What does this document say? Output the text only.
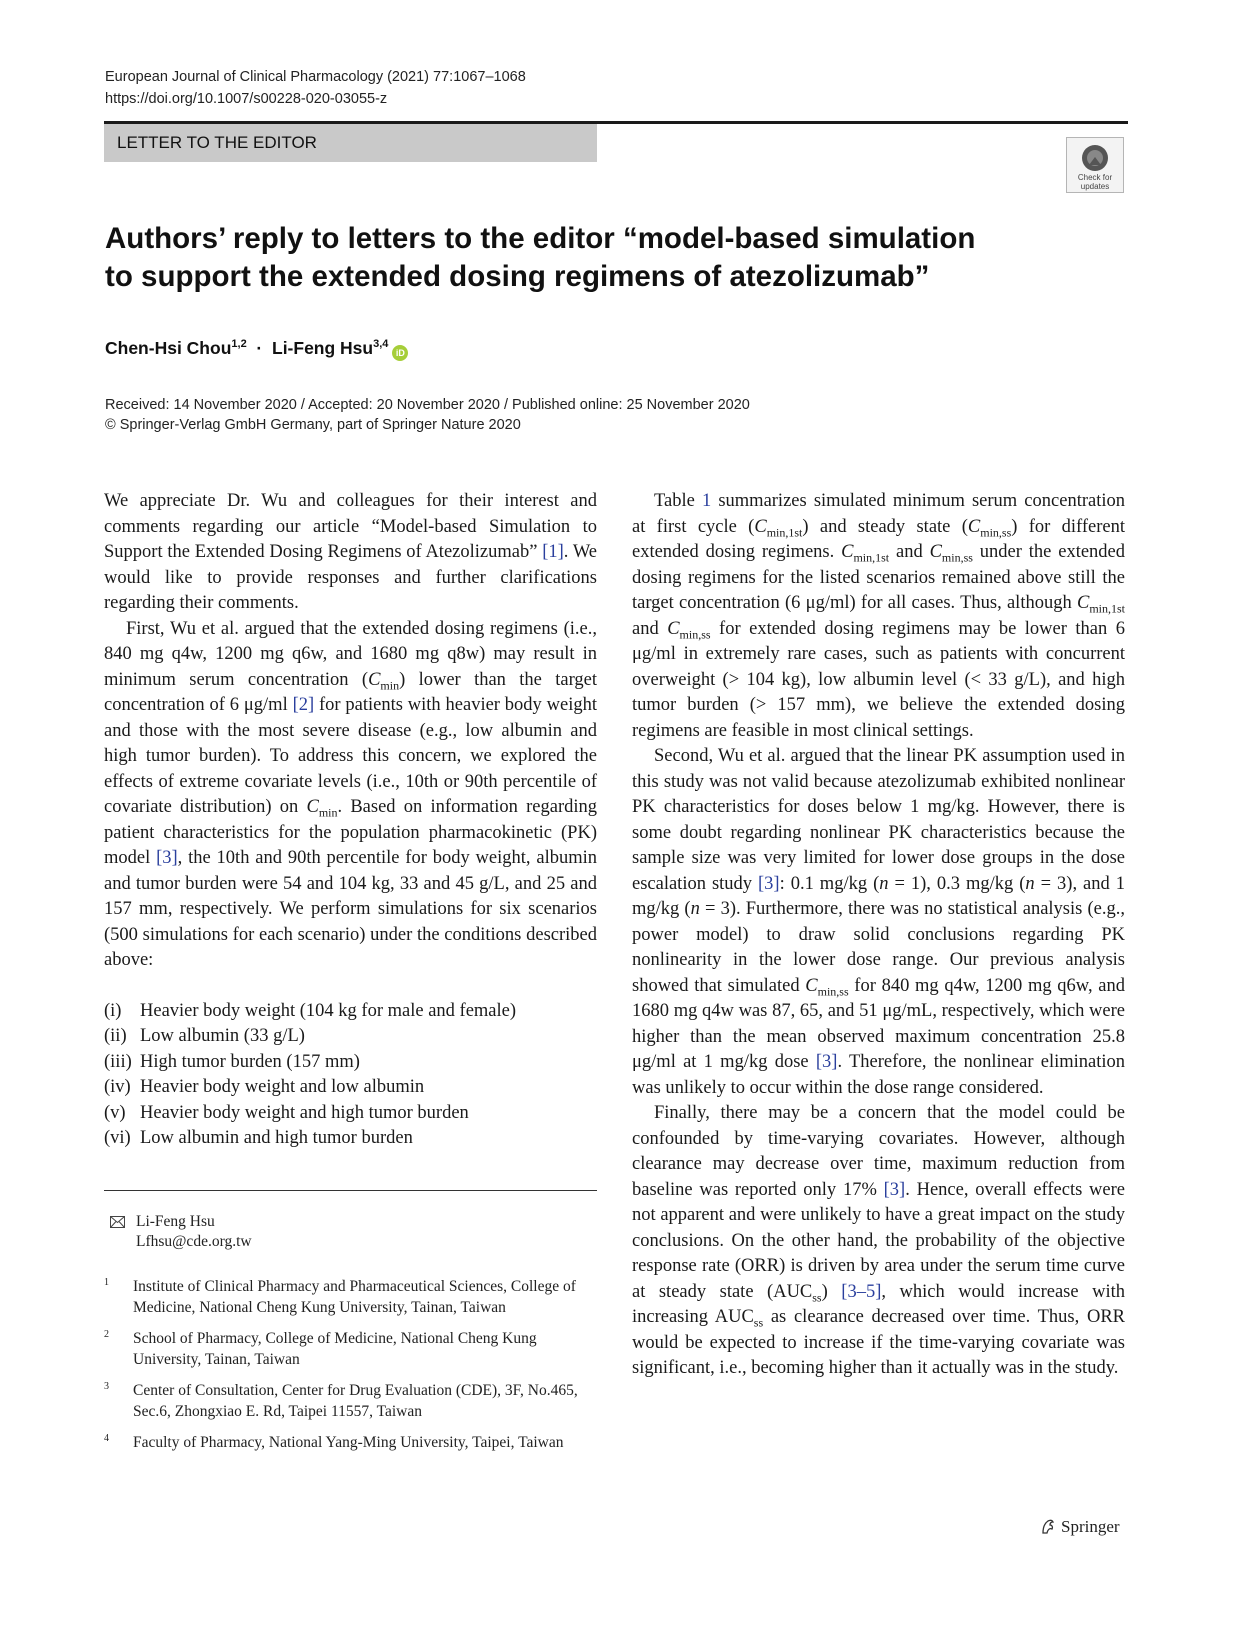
European Journal of Clinical Pharmacology (2021) 77:1067–1068
https://doi.org/10.1007/s00228-020-03055-z
LETTER TO THE EDITOR
Check for
updates
Authors’ reply to letters to the editor “model-based simulation
to support the extended dosing regimens of atezolizumab”
Chen-Hsi Chou$^{1,2}$  ·  Li-Feng Hsu$^{3,4}$iD
Received: 14 November 2020 / Accepted: 20 November 2020 / Published online: 25 November 2020
© Springer-Verlag GmbH Germany, part of Springer Nature 2020

We appreciate Dr. Wu and colleagues for their interest and comments regarding our article “Model-based Simulation to Support the Extended Dosing Regimens of Atezolizumab” [1]. We would like to provide responses and further clarifications regarding their comments.

First, Wu et al. argued that the extended dosing regimens (i.e., 840 mg q4w, 1200 mg q6w, and 1680 mg q8w) may result in minimum serum concentration $(C_{min})$ lower than the target concentration of 6 μg/ml [2] for patients with heavier body weight and those with the most severe disease (e.g., low albumin and high tumor burden). To address this concern, we explored the effects of extreme covariate levels (i.e., 10th or 90th percentile of covariate distribution) on $C_{min}$. Based on information regarding patient characteristics for the population pharmacokinetic (PK) model [3], the 10th and 90th percentile for body weight, albumin and tumor burden were 54 and 104 kg, 33 and 45 g/L, and 25 and 157 mm, respectively. We perform simulations for six scenarios (500 simulations for each scenario) under the conditions described above:

(i) Heavier body weight (104 kg for male and female)
(ii) Low albumin (33 g/L)
(iii) High tumor burden (157 mm)
(iv) Heavier body weight and low albumin
(v) Heavier body weight and high tumor burden
(vi) Low albumin and high tumor burden
Li-Feng Hsu
Lfhsu@cde.org.tw
1	Institute of Clinical Pharmacy and Pharmaceutical Sciences, College of Medicine, National Cheng Kung University, Tainan, Taiwan
2	School of Pharmacy, College of Medicine, National Cheng Kung University, Tainan, Taiwan
3	Center of Consultation, Center for Drug Evaluation (CDE), 3F, No.465, Sec.6, Zhongxiao E. Rd, Taipei 11557, Taiwan
4	Faculty of Pharmacy, National Yang-Ming University, Taipei, Taiwan

Table 1 summarizes simulated minimum serum concentration at first cycle $(C_{min,1st})$ and steady state $(C_{min,ss})$ for different extended dosing regimens. $C_{min,1st}$ and $C_{min,ss}$ under the extended dosing regimens for the listed scenarios remained above still the target concentration (6 μg/ml) for all cases. Thus, although $C_{min,1st}$ and $C_{min,ss}$ for extended dosing regimens may be lower than 6 μg/ml in extremely rare cases, such as patients with concurrent overweight (> 104 kg), low albumin level (< 33 g/L), and high tumor burden (> 157 mm), we believe the extended dosing regimens are feasible in most clinical settings.

Second, Wu et al. argued that the linear PK assumption used in this study was not valid because atezolizumab exhibited nonlinear PK characteristics for doses below 1 mg/kg. However, there is some doubt regarding nonlinear PK characteristics because the sample size was very limited for lower dose groups in the dose escalation study [3]: 0.1 mg/kg (n = 1), 0.3 mg/kg (n = 3), and 1 mg/kg (n = 3). Furthermore, there was no statistical analysis (e.g., power model) to draw solid conclusions regarding PK nonlinearity in the lower dose range. Our previous analysis showed that simulated $C_{min,ss}$ for 840 mg q4w, 1200 mg q6w, and 1680 mg q4w was 87, 65, and 51 μg/mL, respectively, which were higher than the mean observed maximum concentration 25.8 μg/ml at 1 mg/kg dose [3]. Therefore, the nonlinear elimination was unlikely to occur within the dose range considered.

Finally, there may be a concern that the model could be confounded by time-varying covariates. However, although clearance may decrease over time, maximum reduction from baseline was reported only 17% [3]. Hence, overall effects were not apparent and were unlikely to have a great impact on the study conclusions. On the other hand, the probability of the objective response rate (ORR) is driven by area under the serum time curve at steady state $(AUC_{ss})$ [3–5], which would increase with increasing $AUC_{ss}$ as clearance decreased over time. Thus, ORR would be expected to increase if the time-varying covariate was significant, i.e., becoming higher than it actually was in the study.

Springer
